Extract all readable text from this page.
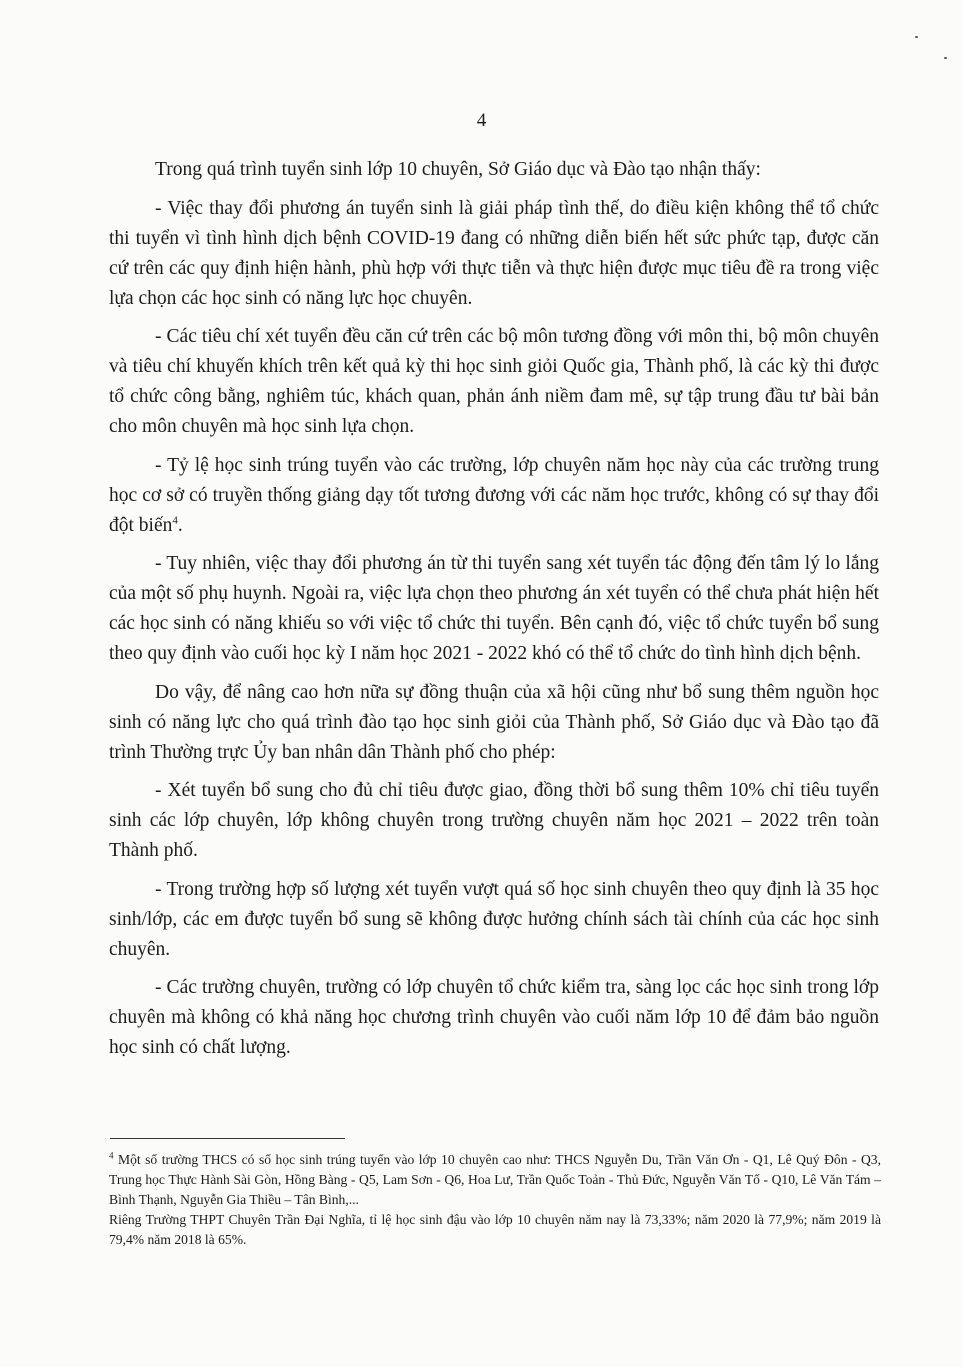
4

Trong quá trình tuyển sinh lớp 10 chuyên, Sở Giáo dục và Đào tạo nhận thấy:

- Việc thay đổi phương án tuyển sinh là giải pháp tình thế, do điều kiện không thể tổ chức thi tuyển vì tình hình dịch bệnh COVID-19 đang có những diễn biến hết sức phức tạp, được căn cứ trên các quy định hiện hành, phù hợp với thực tiễn và thực hiện được mục tiêu đề ra trong việc lựa chọn các học sinh có năng lực học chuyên.

- Các tiêu chí xét tuyển đều căn cứ trên các bộ môn tương đồng với môn thi, bộ môn chuyên và tiêu chí khuyến khích trên kết quả kỳ thi học sinh giỏi Quốc gia, Thành phố, là các kỳ thi được tổ chức công bằng, nghiêm túc, khách quan, phản ánh niềm đam mê, sự tập trung đầu tư bài bản cho môn chuyên mà học sinh lựa chọn.

- Tỷ lệ học sinh trúng tuyển vào các trường, lớp chuyên năm học này của các trường trung học cơ sở có truyền thống giảng dạy tốt tương đương với các năm học trước, không có sự thay đổi đột biến$^4$.

- Tuy nhiên, việc thay đổi phương án từ thi tuyển sang xét tuyển tác động đến tâm lý lo lắng của một số phụ huynh. Ngoài ra, việc lựa chọn theo phương án xét tuyển có thể chưa phát hiện hết các học sinh có năng khiếu so với việc tổ chức thi tuyển. Bên cạnh đó, việc tổ chức tuyển bổ sung theo quy định vào cuối học kỳ I năm học 2021 - 2022 khó có thể tổ chức do tình hình dịch bệnh.

Do vậy, để nâng cao hơn nữa sự đồng thuận của xã hội cũng như bổ sung thêm nguồn học sinh có năng lực cho quá trình đào tạo học sinh giỏi của Thành phố, Sở Giáo dục và Đào tạo đã trình Thường trực Ủy ban nhân dân Thành phố cho phép:

- Xét tuyển bổ sung cho đủ chỉ tiêu được giao, đồng thời bổ sung thêm 10% chỉ tiêu tuyển sinh các lớp chuyên, lớp không chuyên trong trường chuyên năm học 2021 – 2022 trên toàn Thành phố.

- Trong trường hợp số lượng xét tuyển vượt quá số học sinh chuyên theo quy định là 35 học sinh/lớp, các em được tuyển bổ sung sẽ không được hưởng chính sách tài chính của các học sinh chuyên.

- Các trường chuyên, trường có lớp chuyên tổ chức kiểm tra, sàng lọc các học sinh trong lớp chuyên mà không có khả năng học chương trình chuyên vào cuối năm lớp 10 để đảm bảo nguồn học sinh có chất lượng.

$^4$ Một số trường THCS có số học sinh trúng tuyển vào lớp 10 chuyên cao như: THCS Nguyễn Du, Trần Văn Ơn - Q1, Lê Quý Đôn - Q3, Trung học Thực Hành Sài Gòn, Hồng Bàng - Q5, Lam Sơn - Q6, Hoa Lư, Trần Quốc Toản - Thủ Đức, Nguyễn Văn Tố - Q10, Lê Văn Tám – Bình Thạnh, Nguyễn Gia Thiều – Tân Bình,...

Riêng Trường THPT Chuyên Trần Đại Nghĩa, tỉ lệ học sinh đậu vào lớp 10 chuyên năm nay là 73,33%; năm 2020 là 77,9%; năm 2019 là 79,4% năm 2018 là 65%.
